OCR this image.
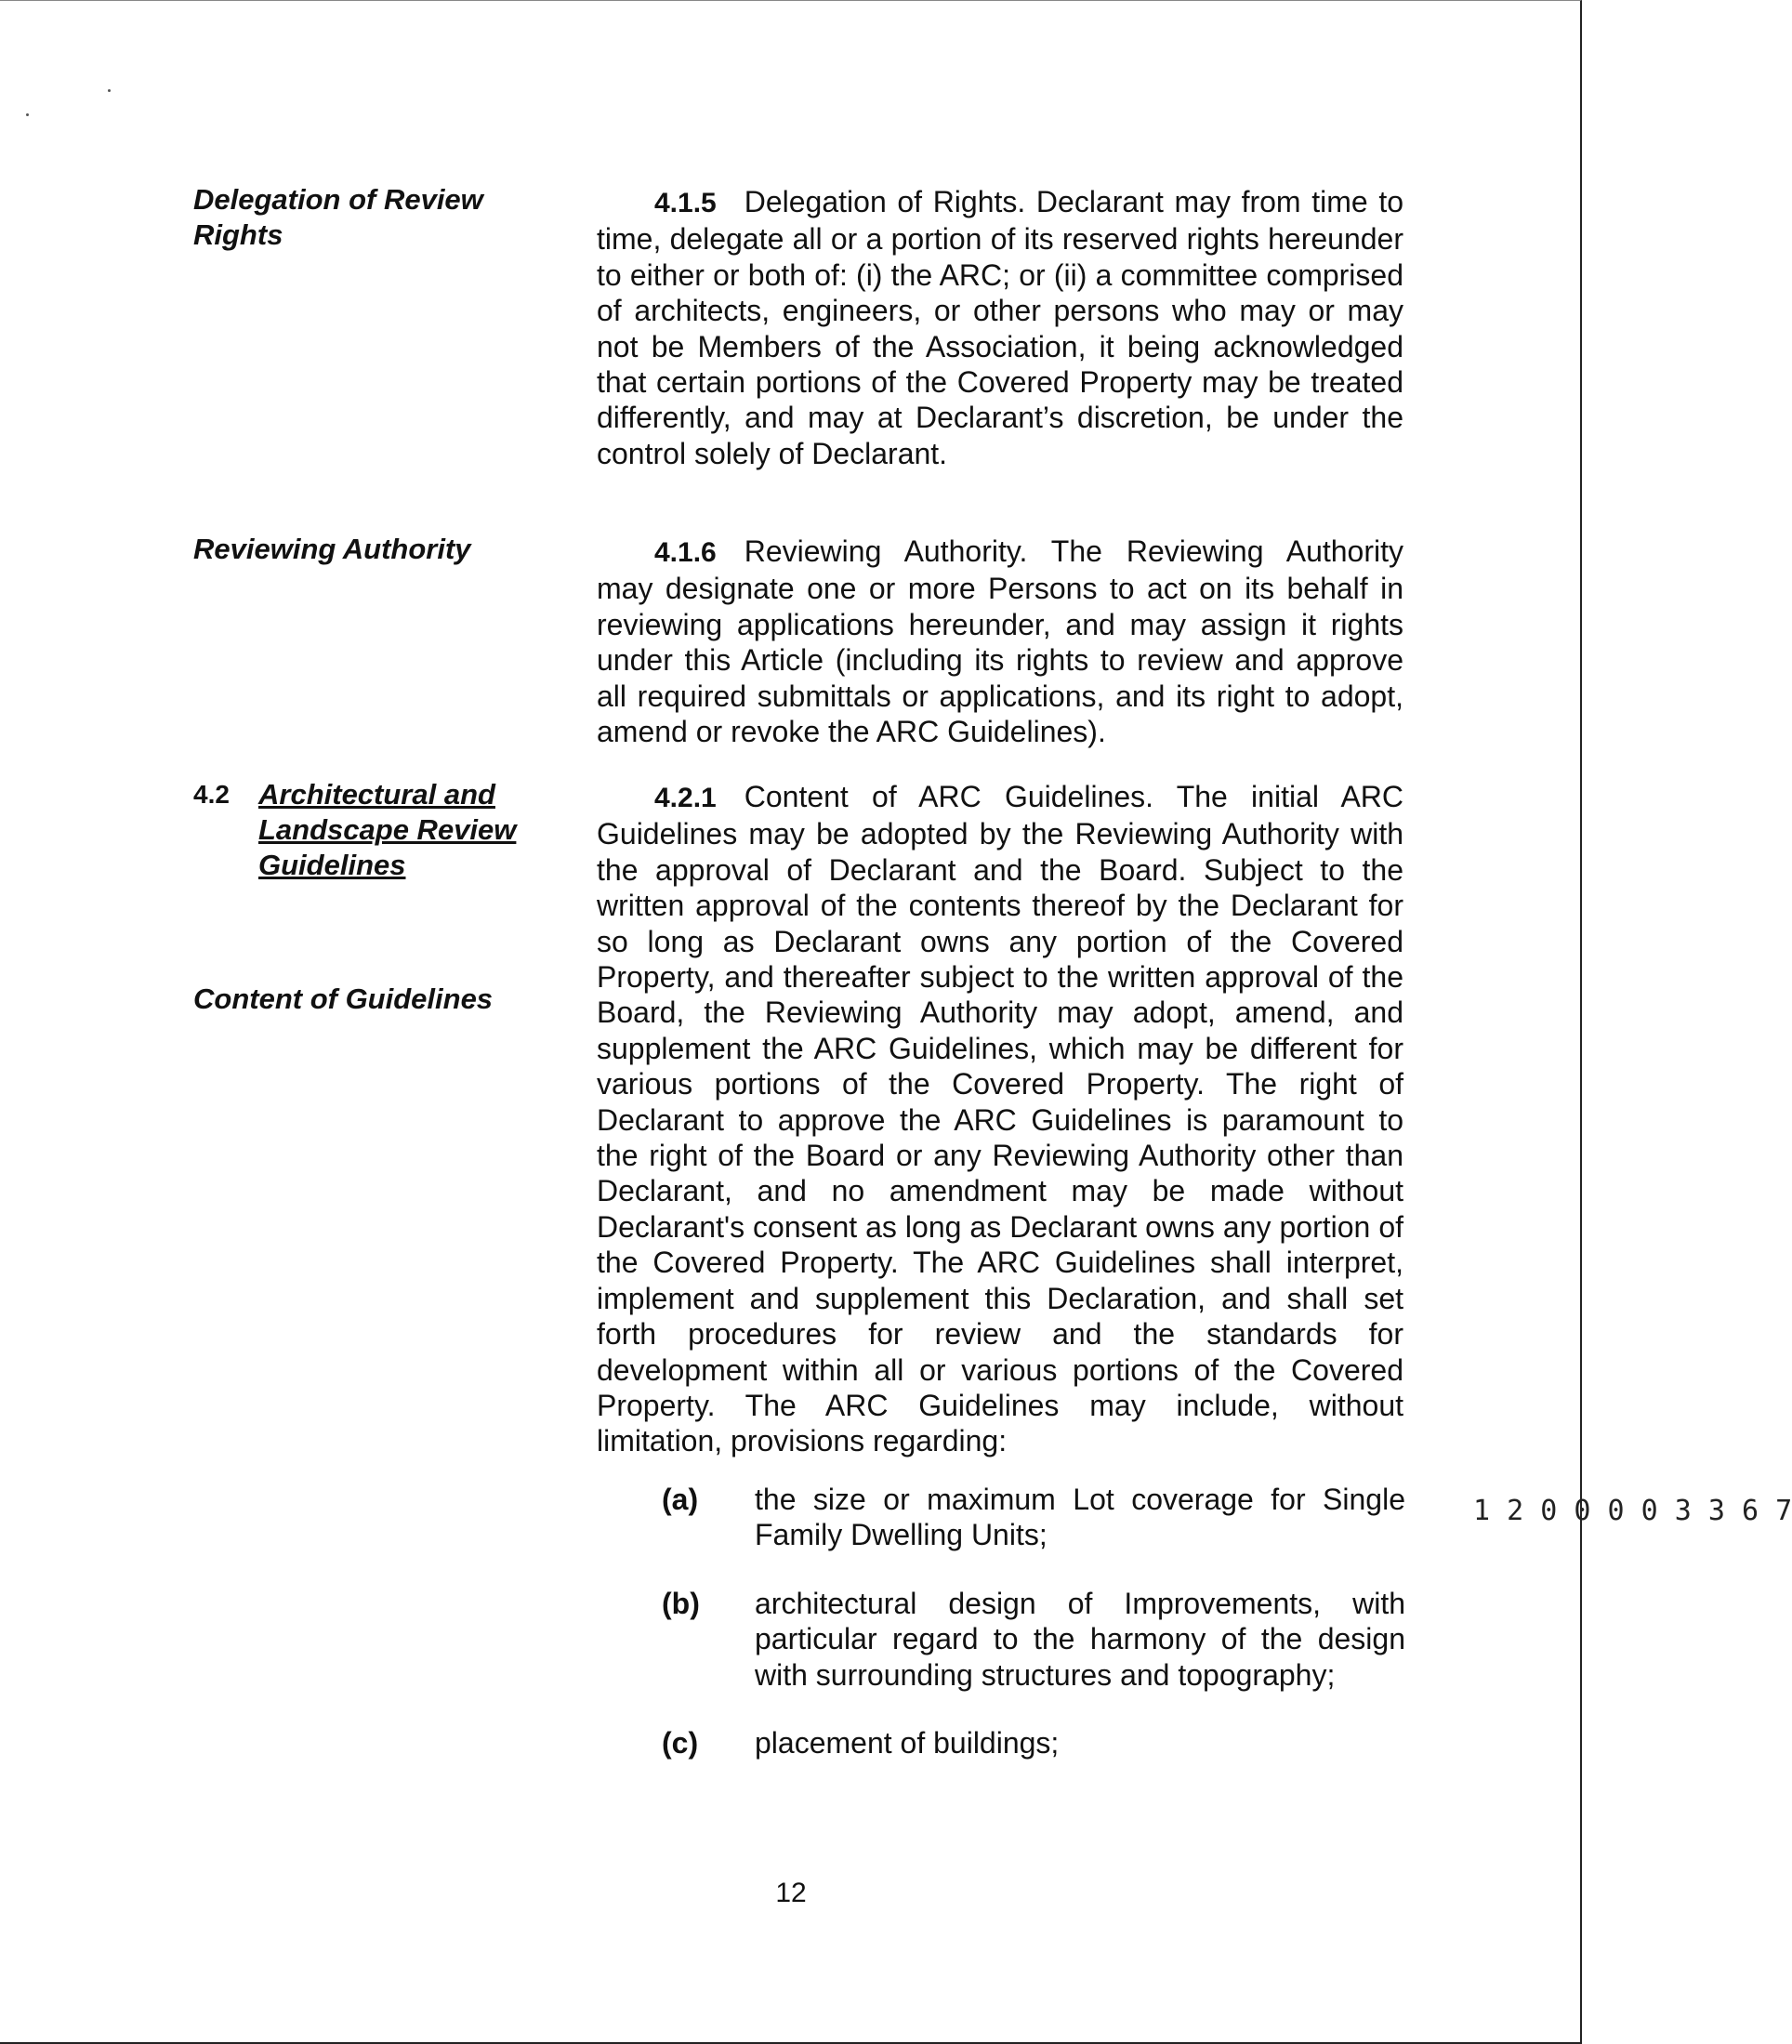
Delegation of Review Rights
Reviewing Authority
4.2	Architectural and Landscape Review Guidelines
Content of Guidelines
4.1.5 Delegation of Rights. Declarant may from time to time, delegate all or a portion of its reserved rights hereunder to either or both of: (i) the ARC; or (ii) a committee comprised of architects, engineers, or other persons who may or may not be Members of the Association, it being acknowledged that certain portions of the Covered Property may be treated differently, and may at Declarant’s discretion, be under the control solely of Declarant.
4.1.6 Reviewing Authority. The Reviewing Authority may designate one or more Persons to act on its behalf in reviewing applications hereunder, and may assign it rights under this Article (including its rights to review and approve all required submittals or applications, and its right to adopt, amend or revoke the ARC Guidelines).
4.2.1 Content of ARC Guidelines. The initial ARC Guidelines may be adopted by the Reviewing Authority with the approval of Declarant and the Board. Subject to the written approval of the contents thereof by the Declarant for so long as Declarant owns any portion of the Covered Property, and thereafter subject to the written approval of the Board, the Reviewing Authority may adopt, amend, and supplement the ARC Guidelines, which may be different for various portions of the Covered Property. The right of Declarant to approve the ARC Guidelines is paramount to the right of the Board or any Reviewing Authority other than Declarant, and no amendment may be made without Declarant's consent as long as Declarant owns any portion of the Covered Property. The ARC Guidelines shall interpret, implement and supplement this Declaration, and shall set forth procedures for review and the standards for development within all or various portions of the Covered Property. The ARC Guidelines may include, without limitation, provisions regarding:
(a) the size or maximum Lot coverage for Single Family Dwelling Units;
(b) architectural design of Improvements, with particular regard to the harmony of the design with surrounding structures and topography;
(c) placement of buildings;
12
1 2 0 0 0 0 3 3 6 7
